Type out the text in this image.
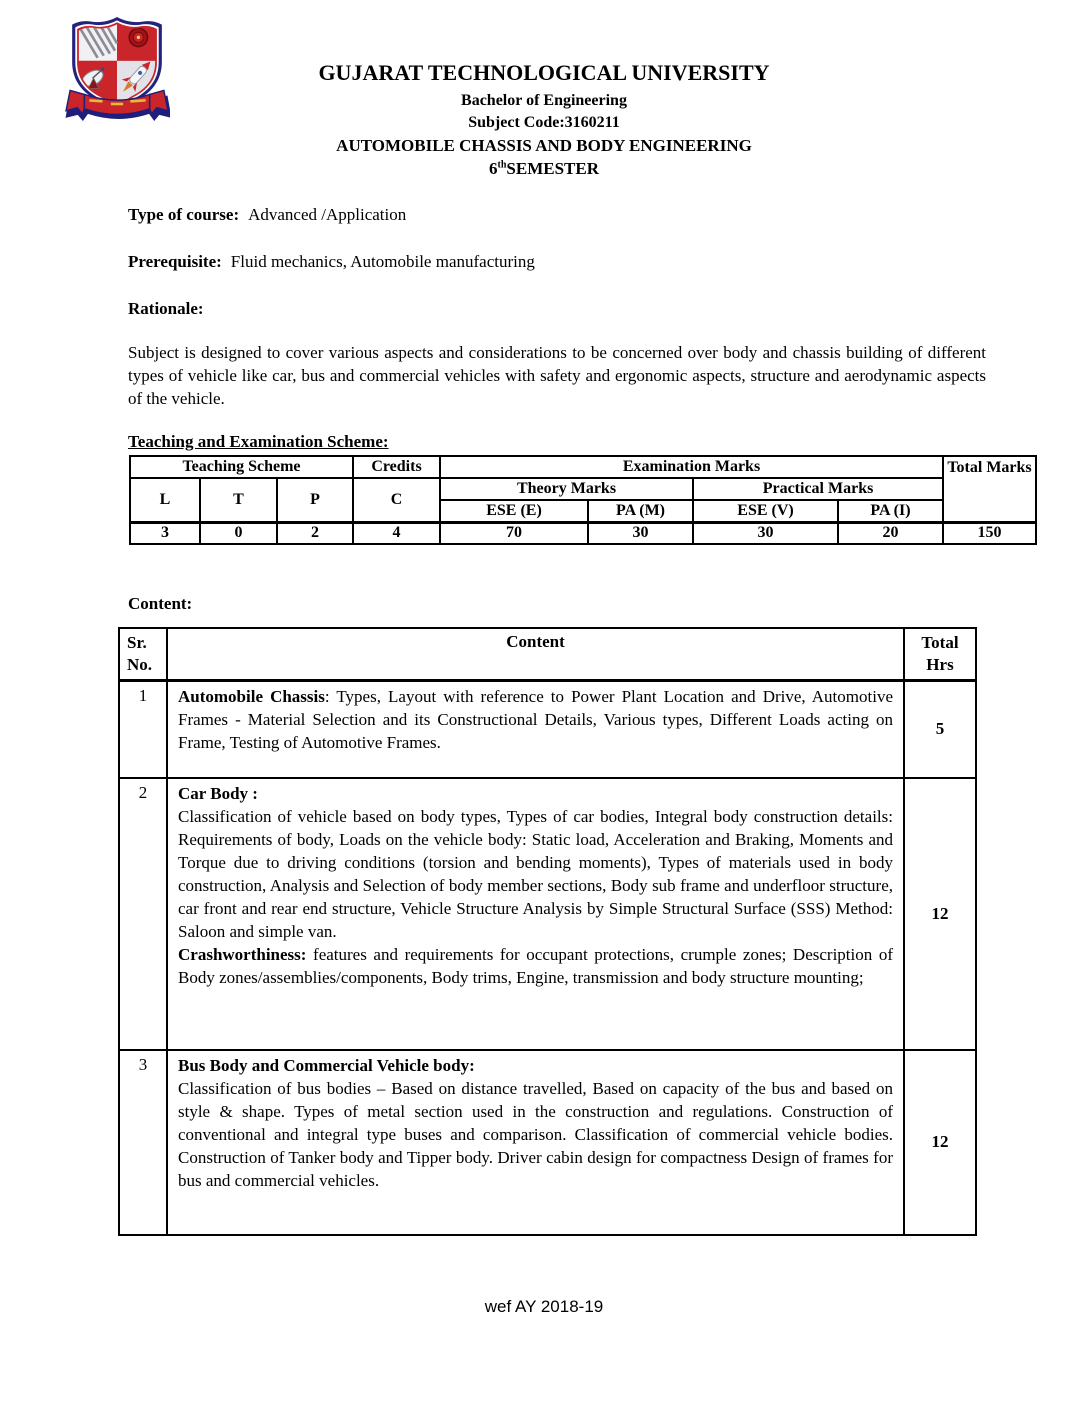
GUJARAT TECHNOLOGICAL UNIVERSITY
Bachelor of Engineering
Subject Code:3160211
AUTOMOBILE CHASSIS AND BODY ENGINEERING
6thSEMESTER
Type of course: Advanced /Application
Prerequisite: Fluid mechanics, Automobile manufacturing
Rationale:
Subject is designed to cover various aspects and considerations to be concerned over body and chassis building of different types of vehicle like car, bus and commercial vehicles with safety and ergonomic aspects, structure and aerodynamic aspects of the vehicle.
Teaching and Examination Scheme:
Teaching Scheme			Credits	Examination Marks				Total Marks
L	T	P	C	Theory Marks		Practical Marks		
				ESE (E)	PA (M)	ESE (V)	PA (I)	
3	0	2	4	70	30	30	20	150
Content:
Sr. No.	Content	Total Hrs
1	Automobile Chassis: Types, Layout with reference to Power Plant Location and Drive, Automotive Frames - Material Selection and its Constructional Details, Various types, Different Loads acting on Frame, Testing of Automotive Frames.	5
2	Car Body :
Classification of vehicle based on body types, Types of car bodies, Integral body construction details: Requirements of body, Loads on the vehicle body: Static load, Acceleration and Braking, Moments and Torque due to driving conditions (torsion and bending moments), Types of materials used in body construction, Analysis and Selection of body member sections, Body sub frame and underfloor structure, car front and rear end structure, Vehicle Structure Analysis by Simple Structural Surface (SSS) Method: Saloon and simple van.
Crashworthiness: features and requirements for occupant protections, crumple zones; Description of Body zones/assemblies/components, Body trims, Engine, transmission and body structure mounting;	12
3	Bus Body and Commercial Vehicle body:
Classification of bus bodies – Based on distance travelled, Based on capacity of the bus and based on style & shape. Types of metal section used in the construction and regulations. Construction of conventional and integral type buses and comparison. Classification of commercial vehicle bodies. Construction of Tanker body and Tipper body. Driver cabin design for compactness Design of frames for bus and commercial vehicles.	12
wef AY 2018-19
